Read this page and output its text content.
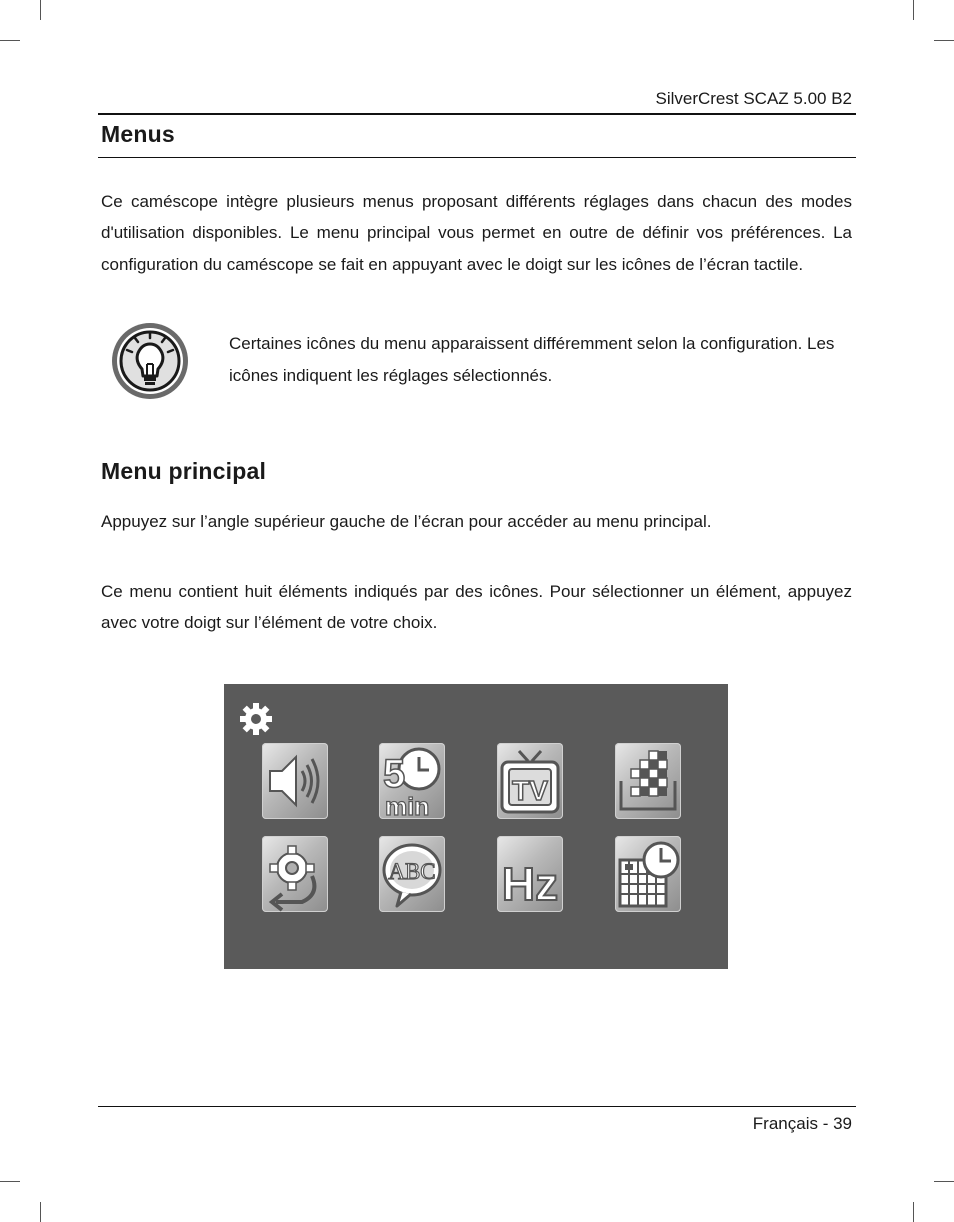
SilverCrest SCAZ 5.00 B2
Menus

Ce caméscope intègre plusieurs menus proposant différents réglages dans chacun des modes d'utilisation disponibles. Le menu principal vous permet en outre de définir vos préférences. La configuration du caméscope se fait en appuyant avec le doigt sur les icônes de l’écran tactile.

Certaines icônes du menu apparaissent différemment selon la configuration. Les icônes indiquent les réglages sélectionnés.

Menu principal

Appuyez sur l’angle supérieur gauche de l’écran pour accéder au menu principal.

Ce menu contient huit éléments indiqués par des icônes. Pour sélectionner un élément, appuyez avec votre doigt sur l’élément de votre choix.

5
min
TV
ABC Hz
Français - 39
